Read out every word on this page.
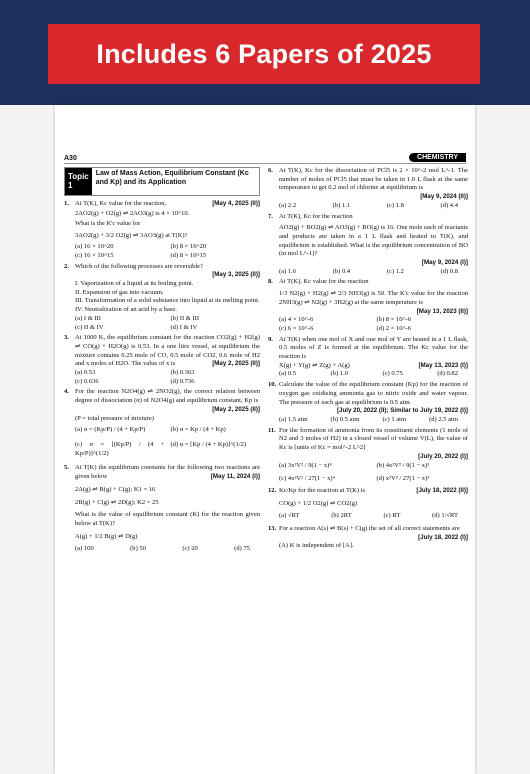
Includes 6 Papers of 2025
A30	CHEMISTRY
Topic 1
Law of Mass Action, Equilibrium Constant (Kc and Kp) and its Application
1.	[May 4, 2025 (II)]
At T(K), Kc value for the reaction,
2AO2(g) + O2(g) ⇌ 2AO3(g) is 4 × 10^10.
What is the K'c value for
3AO2(g) + 3/2 O2(g) ⇌ 3AO3(g) at T(K)?
(a) 16 × 10^20	(b) 8 × 10^20
(c) 16 × 10^15	(d) 8 × 10^15
2. Which of the following processes are reversible?
[May 3, 2025 (II)]
I. Vaporization of a liquid at its boiling point.
II. Expansion of gas into vacuum.
III. Transformation of a solid substance into liquid at its melting point.
IV. Neutralization of an acid by a base.
(a) I & III	(b) II & III
(c) II & IV	(d) I & IV
3. At 1000 K, the equilibrium constant for the reaction CO2(g) + H2(g) ⇌ CO(g) + H2O(g) is 0.53. In a one litre vessel, at equilibrium the mixture contains 0.25 mole of CO, 0.5 mole of CO2, 0.6 mole of H2 and x moles of H2O. The value of x is	[May 2, 2025 (II)]
(a) 0.53	(b) 0.363
(c) 0.636	(d) 0.736
4. For the reaction N2O4(g) ⇌ 2NO2(g), the correct relation between degree of dissociation (α) of N2O4(g) and equilibrium constant, Kp is
[May 2, 2025 (II)]
(P = total pressure of mixture)
(a) α = (Kp/P) / (4 + Kp/P)	(b) α = Kp / (4 + Kp)
(c) α = [(Kp/P) / (4 + Kp/P)]^(1/2)
(d) α = [Kp / (4 + Kp)]^(1/2)
5. At T(K) the equilibrium constants for the following two reactions are given below	[May 11, 2024 (I)]
2A(g) ⇌ B(g) + C(g); K1 = 16
2B(g) + C(g) ⇌ 2D(g); K2 = 25
What is the value of equilibrium constant (K) for the reaction given below at T(K)?
A(g) + 1/2 B(g) ⇌ D(g)
(a) 100	(b) 50	(c) 20	(d) 75
6. At T(K), Kc for the dissociation of PCl5 is 2 × 10^-2 mol L^-1. The number of moles of PCl5 that must be taken in 1.0 L flask at the same temperature to get 0.2 mol of chlorine at equilibrium is
[May 9, 2024 (II)]
(a) 2.2	(b) 1.1	(c) 1.8	(d) 4.4
7. At T(K), Kc for the reaction
AO2(g) + BO2(g) ⇌ AO3(g) + BO(g) is 16. One mole each of reactants and products are taken in a 1 L flask and heated to T(K), and equilibrium is established. What is the equilibrium concentration of BO (in mol L^-1)?
[May 9, 2024 (I)]
(a) 1.6	(b) 0.4	(c) 1.2	(d) 0.8
8. At T(K), Kc value for the reaction
1/3 N2(g) + H2(g) ⇌ 2/3 NH3(g) is 50. The K'c value for the reaction 2NH3(g) ⇌ N2(g) + 3H2(g) at the same temperature is
[May 13, 2023 (II)]
(a) 4 × 10^-6	(b) 8 × 10^-6
(c) 6 × 10^-6	(d) 2 × 10^-6
9. At T(K) when one mol of X and one mol of Y are heated in a 1 L flask, 0.5 moles of Z is formed at the equilibrium. The Kc value for the reaction is
[May 13, 2023 (I)]
X(g) + Y(g) ⇌ Z(g) + A(g)
(a) 0.5	(b) 1.0	(c) 0.75	(d) 0.82
10. Calculate the value of the equilibrium constant (Kp) for the reaction of oxygen gas oxidising ammonia gas to nitric oxide and water vapour. The pressure of each gas at equilibrium is 0.5 atm.
[July 20, 2022 (II); Similar to July 19, 2022 (I)]
(a) 1.5 atm	(b) 0.5 atm	(c) 1 atm	(d) 2.5 atm
11. For the formation of ammonia from its constituent elements (1 mole of N2 and 3 moles of H2) in a closed vessel of volume V(L), the value of Kc is [units of Kc = mol^-2 L^2]
[July 20, 2022 (I)]
(a) 3x²V² / 9(1 − x)⁴	(b) 4x²V² / 9(1 − x)³
(c) 4x²V² / 27(1 − x)⁴	(d) x²V² / 27(1 − x)³
12.	[July 18, 2022 (II)]
Kc/Kp for the reaction at T(K) is
CO(g) + 1/2 O2(g) ⇌ CO2(g)
(a) √RT	(b) 2RT	(c) RT	(d) 1/√RT
13. For a reaction A(s) ⇌ B(s) + C(g) the set of all correct statements are
[July 18, 2022 (I)]
(A) K is independent of [A].
